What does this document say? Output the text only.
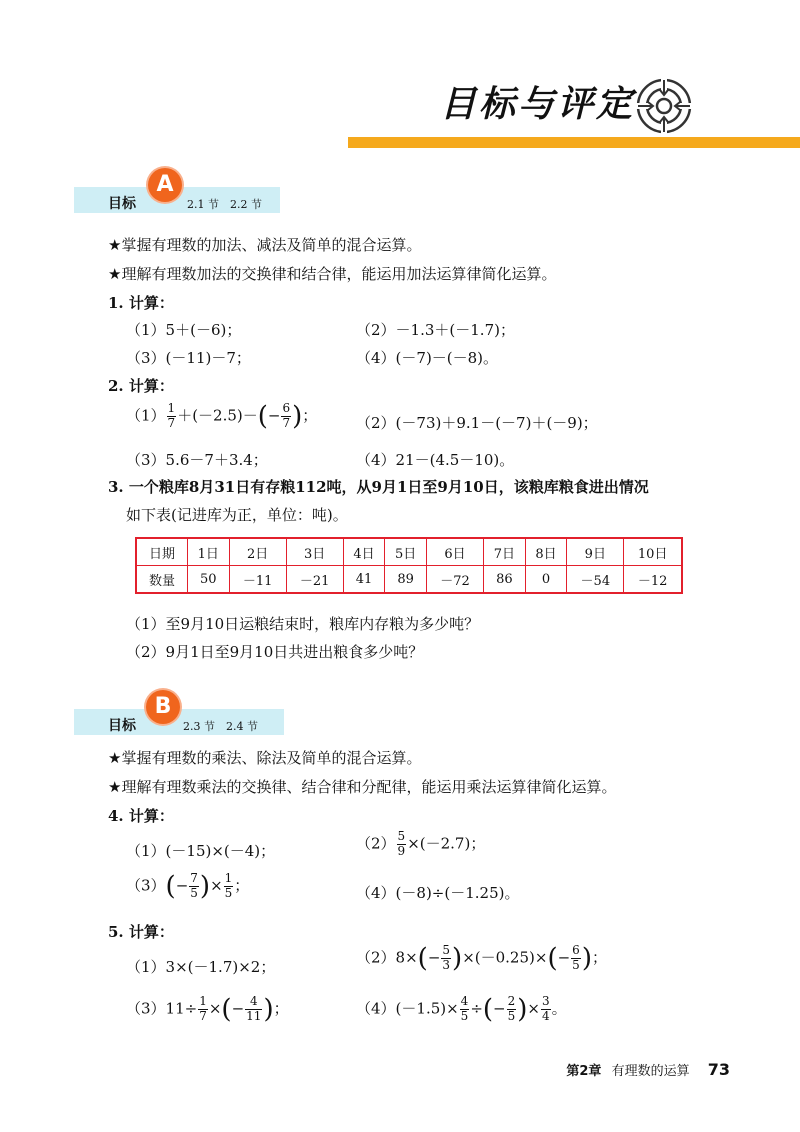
目标与评定
目标
A
2.1 节　2.2 节
★掌握有理数的加法、减法及简单的混合运算。
★理解有理数加法的交换律和结合律，能运用加法运算律简化运算。
1. 计算：
（1）5＋(－6)；	（2）－1.3＋(－1.7)；
（3）(－11)－7；	（4）(－7)－(－8)。
2. 计算：
$(1) \frac{1}{7} +(-2.5)-(- \frac{6}{7}$ )；	（2）(－73)＋9.1－(－7)＋(－9)；
（3）5.6－7＋3.4；	（4）21－(4.5－10)。
3. 一个粮库8月31日有存粮112吨，从9月1日至9月10日，该粮库粮食进出情况
如下表(记进库为正，单位：吨)。
日期	1日	2日	3日	4日	5日	6日	7日	8日	9日	10日
数量	50	－11	－21	41	89	－72	86	0	－54	－12
（1）至9月10日运粮结束时，粮库内存粮为多少吨？
（2）9月1日至9月10日共进出粮食多少吨？
目标
B
2.3 节　2.4 节
★掌握有理数的乘法、除法及简单的混合运算。
★理解有理数乘法的交换律、结合律和分配律，能运用乘法运算律简化运算。
4. 计算：
（1）(－15)×(－4)；	$(2) \frac{5}{9} \times(-2.7)$；
$(3)(- \frac{7}{5}$ )× $\frac{1}{5}$ ；	（4）(－8)÷(－1.25)。
5. 计算：
（1）3×(－1.7)×2；
$(2)8\times(- \frac{5}{3} )\times(-0.25)\times(- \frac{6}{5}$ )；
$(3)11\div \frac{1}{7}$ ×(− $\frac{4}{11}$ )；	$(4)(-1.5)\times \frac{4}{5}$ ÷(− $\frac{2}{5}$ )× $\frac{3}{4}$ 。
第2章 有理数的运算 73
